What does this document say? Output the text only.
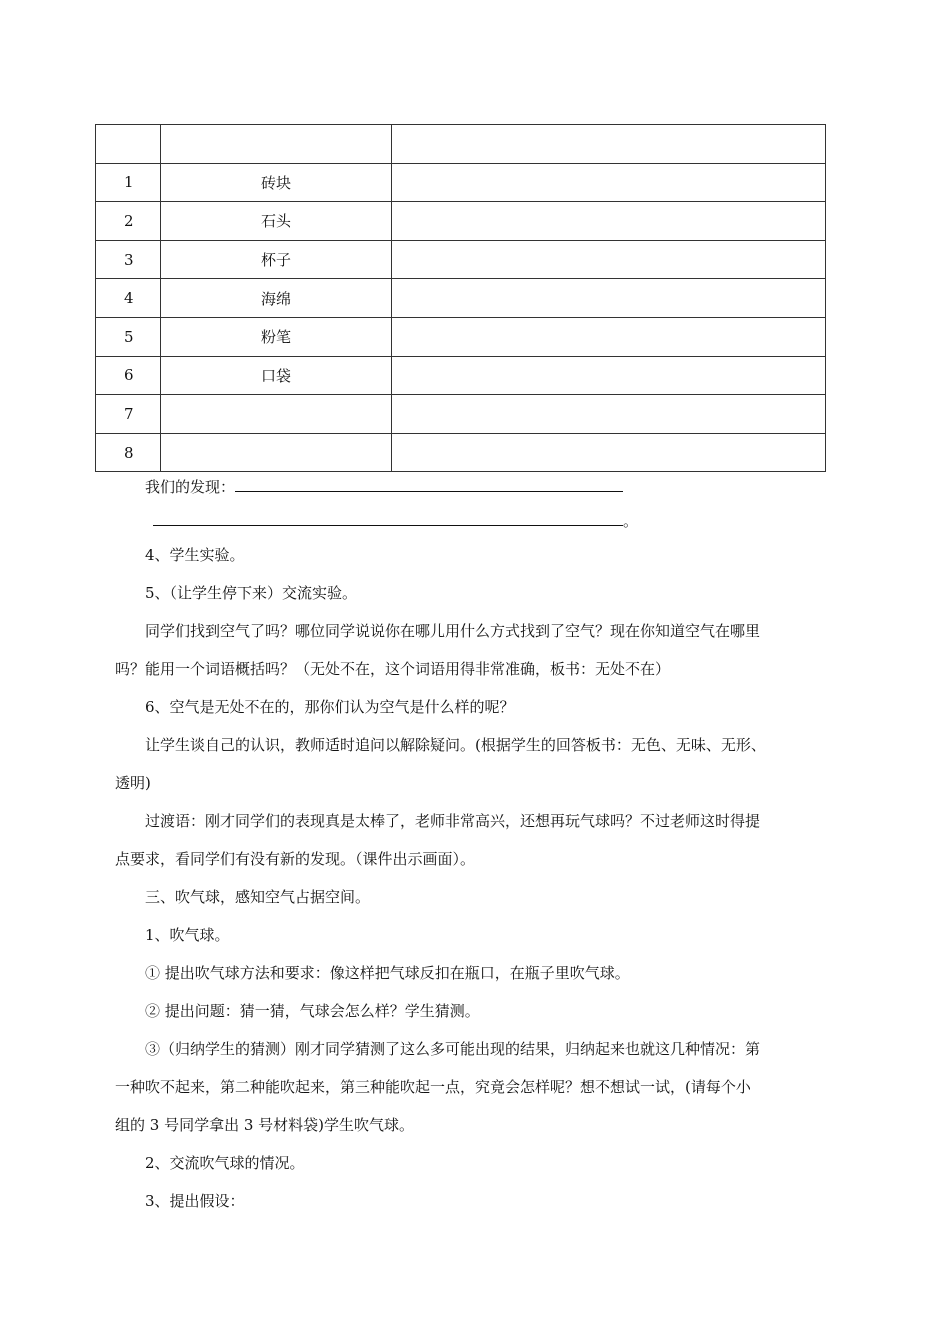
1	砖块	
2	石头	
3	杯子	
4	海绵	
5	粉笔	
6	口袋	
7		
8		
我们的发现：
。
4、学生实验。
5、（让学生停下来）交流实验。
同学们找到空气了吗？哪位同学说说你在哪儿用什么方式找到了空气？现在你知道空气在哪里
吗？能用一个词语概括吗？（无处不在，这个词语用得非常准确，板书：无处不在）
6、空气是无处不在的，那你们认为空气是什么样的呢？
让学生谈自己的认识，教师适时追问以解除疑问。(根据学生的回答板书：无色、无味、无形、
透明)
过渡语：刚才同学们的表现真是太棒了，老师非常高兴，还想再玩气球吗？不过老师这时得提
点要求，看同学们有没有新的发现。（课件出示画面）。
三、吹气球，感知空气占据空间。
1、吹气球。
① 提出吹气球方法和要求：像这样把气球反扣在瓶口，在瓶子里吹气球。
② 提出问题：猜一猜，气球会怎么样？学生猜测。
③（归纳学生的猜测）刚才同学猜测了这么多可能出现的结果，归纳起来也就这几种情况：第
一种吹不起来，第二种能吹起来，第三种能吹起一点，究竟会怎样呢？想不想试一试，(请每个小
组的 3 号同学拿出 3 号材料袋)学生吹气球。
2、交流吹气球的情况。
3、提出假设：
